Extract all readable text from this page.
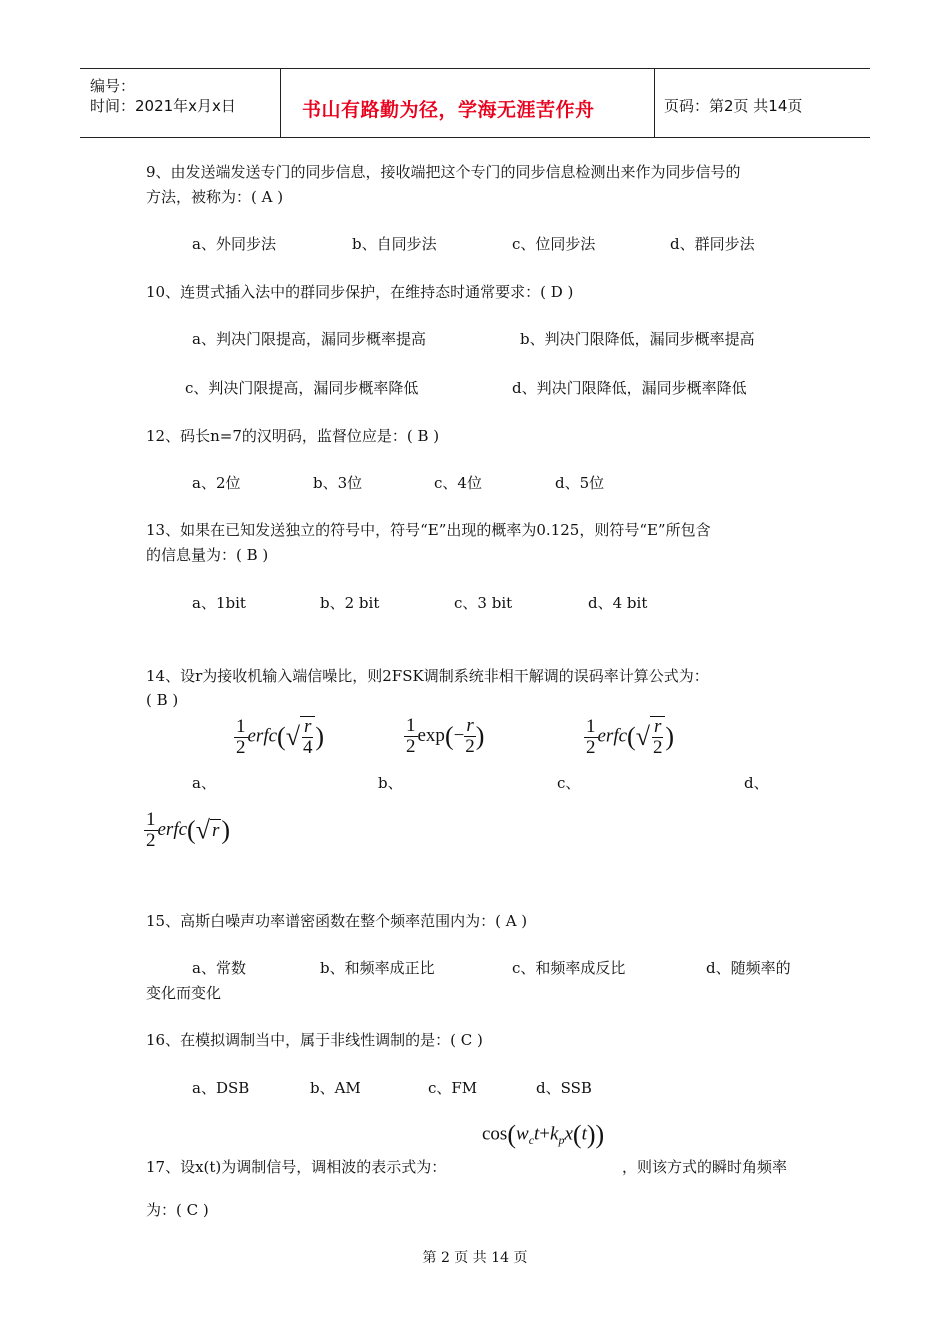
编号：
时间：2021年x月x日	书山有路勤为径，学海无涯苦作舟	页码：第2页 共14页
9、由发送端发送专门的同步信息，接收端把这个专门的同步信息检测出来作为同步信号的
方法，被称为：( A )
a、外同步法	b、自同步法	c、位同步法	d、群同步法
10、连贯式插入法中的群同步保护，在维持态时通常要求：( D )
a、判决门限提高，漏同步概率提高	b、判决门限降低，漏同步概率提高
c、判决门限提高，漏同步概率降低	d、判决门限降低，漏同步概率降低
12、码长n=7的汉明码，监督位应是：( B )
a、2位	b、3位	c、4位	d、5位
13、如果在已知发送独立的符号中，符号“E”出现的概率为0.125，则符号“E”所包含
的信息量为：( B )
a、1bit	b、2 bit	c、3 bit	d、4 bit
14、设r为接收机输入端信噪比，则2FSK调制系统非相干解调的误码率计算公式为：
( B )
$\frac{1}{2}$ erfc(√ $\frac{r}{4}$ )	$\frac{1}{2} \exp(- \frac{r}{2}$ )	$\frac{1}{2}$ erfc(√ $\frac{r}{2}$ )
a、	b、	c、	d、
$\frac{1}{2}$ erfc(√ r)
15、高斯白噪声功率谱密函数在整个频率范围内为：( A )
a、常数	b、和频率成正比	c、和频率成反比	d、随频率的
变化而变化
16、在模拟调制当中，属于非线性调制的是：( C )
a、DSB	b、AM	c、FM	d、SSB
$\cos(w_ct+k_px(t))$
17、设x(t)为调制信号，调相波的表示式为：	，则该方式的瞬时角频率
为：( C )
第 2 页 共 14 页
